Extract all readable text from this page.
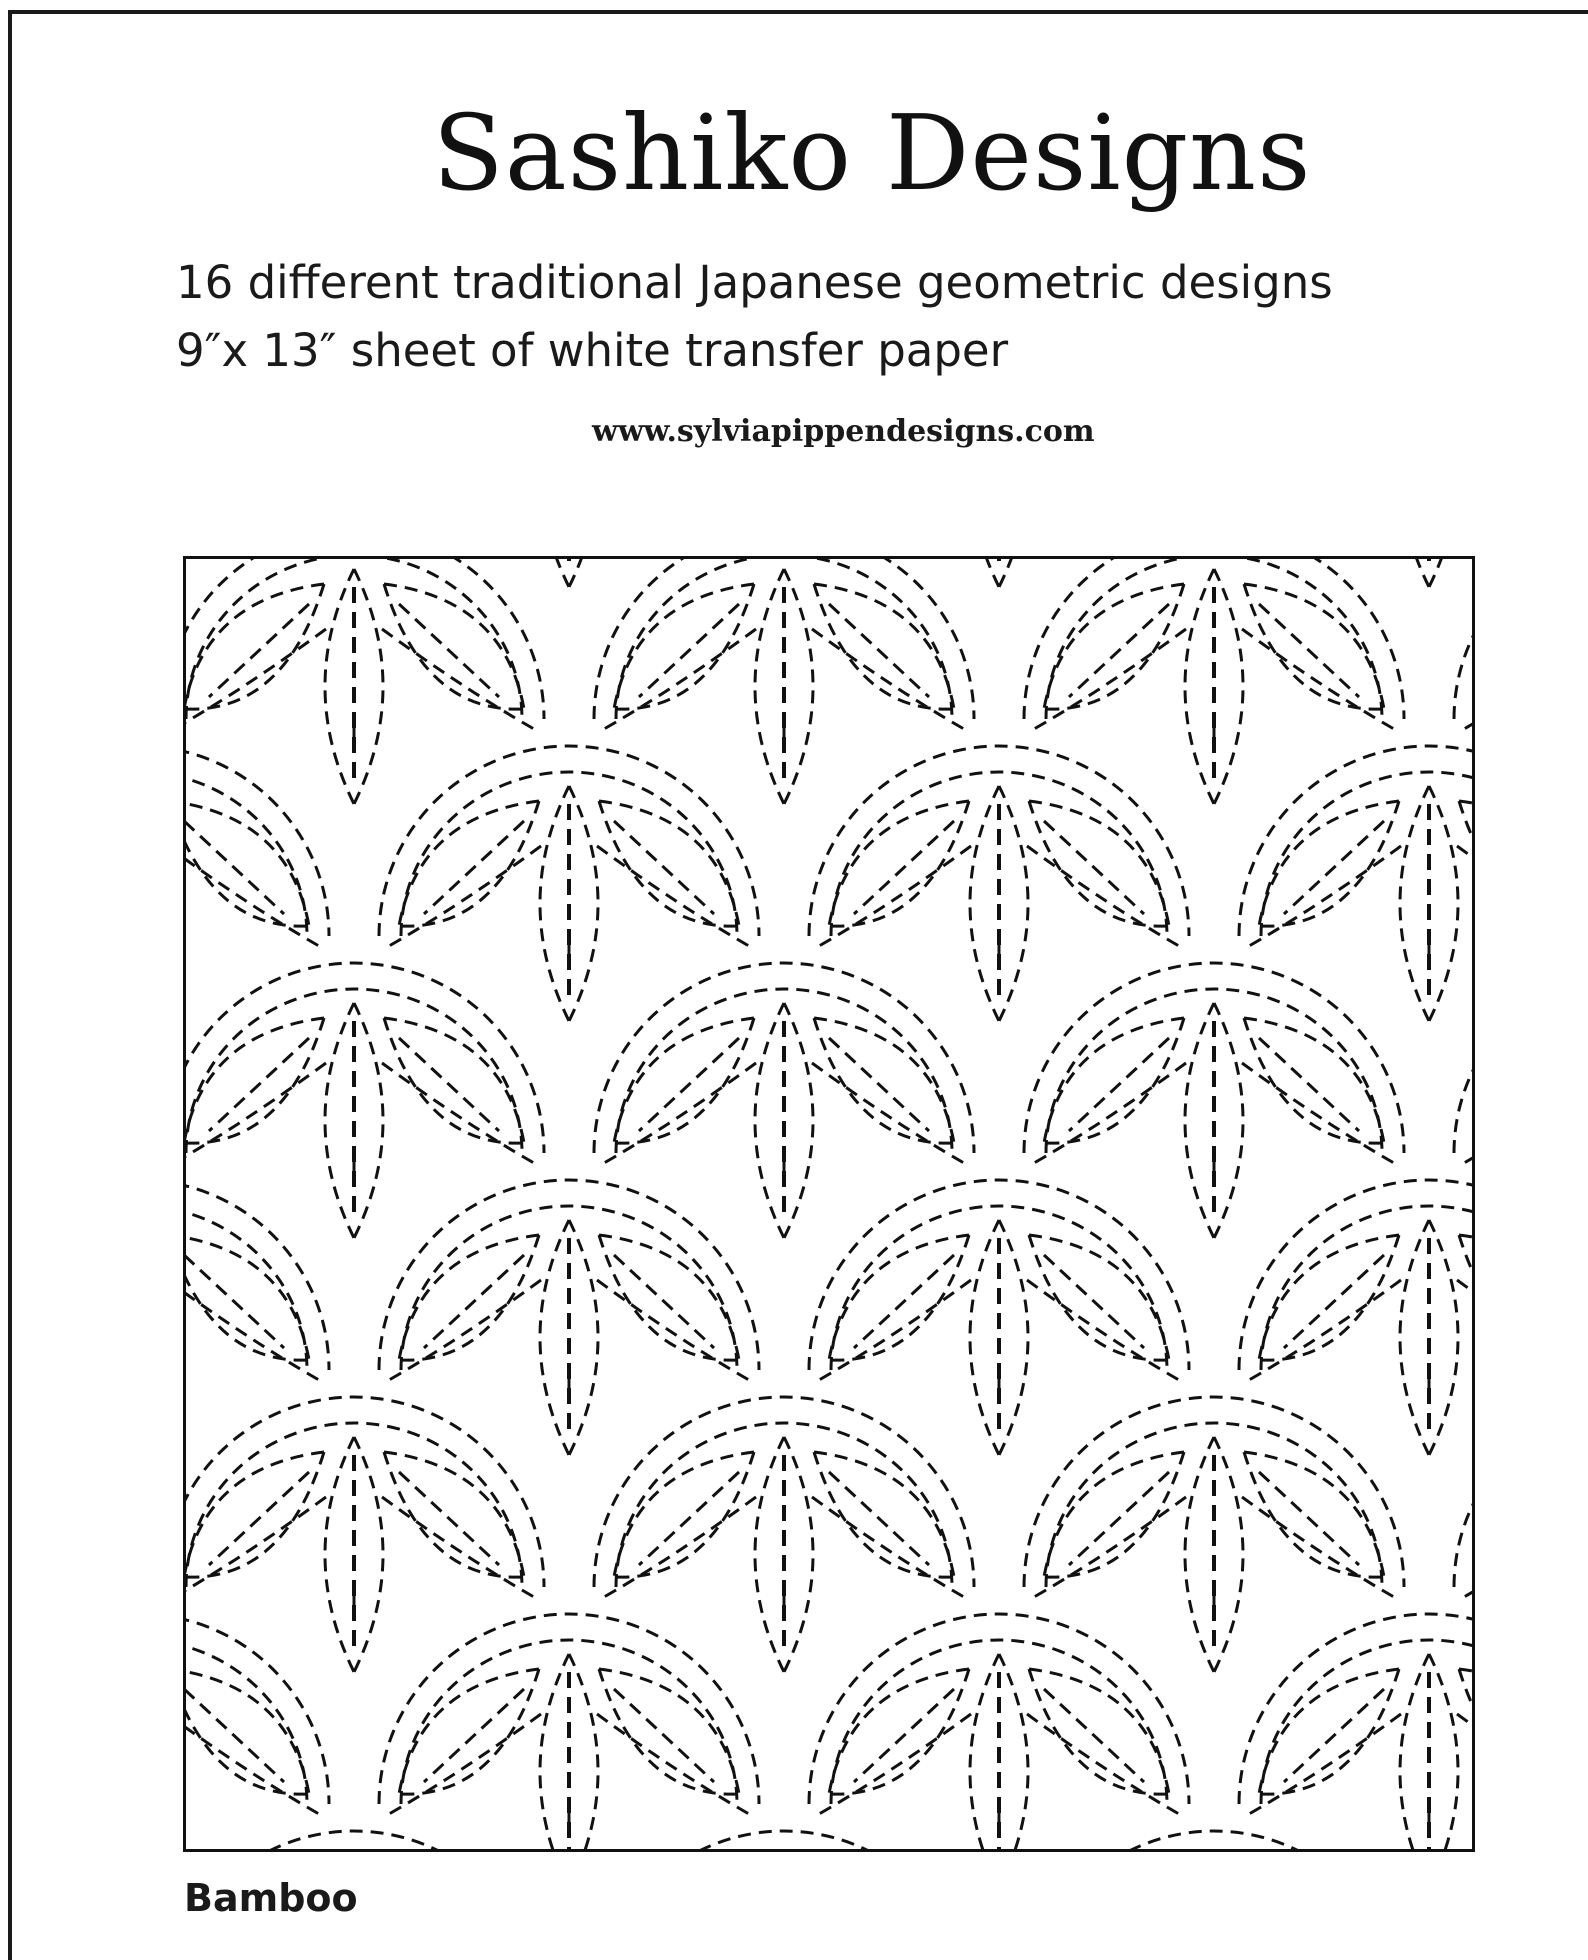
Sashiko Designs
16 different traditional Japanese geometric designs
9″x 13″ sheet of white transfer paper
www.sylviapippendesigns.com
Bamboo
